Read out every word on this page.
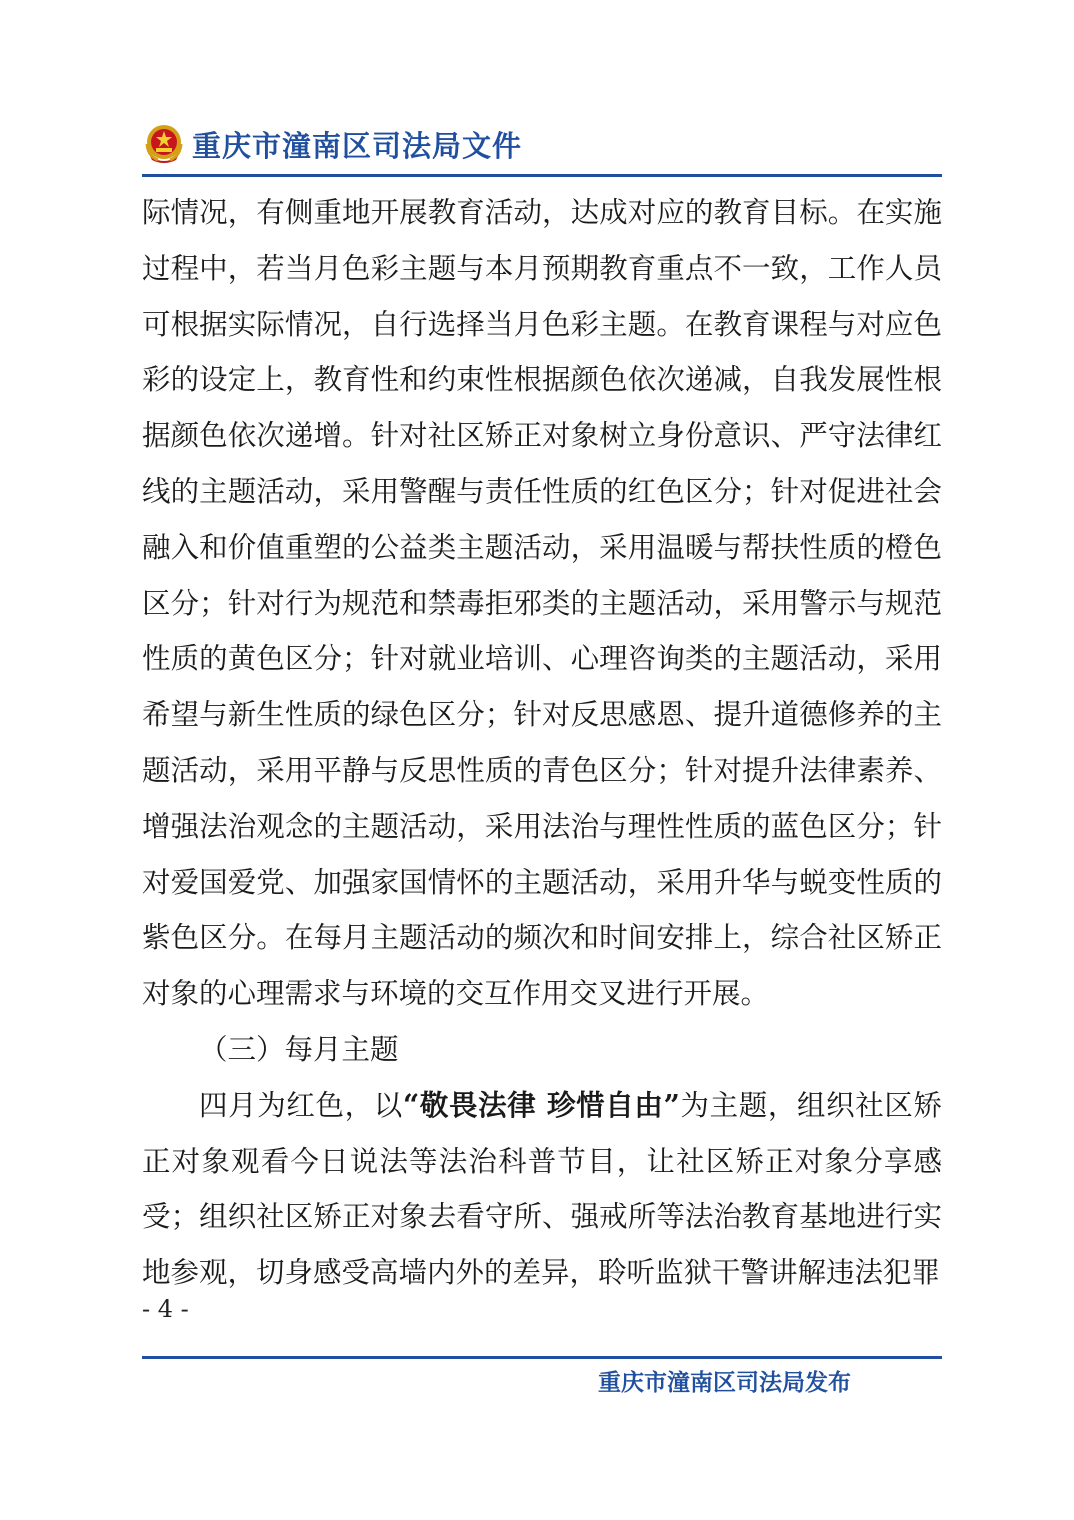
重庆市潼南区司法局文件

际情况，有侧重地开展教育活动，达成对应的教育目标。在实施过程中，若当月色彩主题与本月预期教育重点不一致，工作人员可根据实际情况，自行选择当月色彩主题。在教育课程与对应色彩的设定上，教育性和约束性根据颜色依次递减，自我发展性根据颜色依次递增。针对社区矫正对象树立身份意识、严守法律红线的主题活动，采用警醒与责任性质的红色区分；针对促进社会融入和价值重塑的公益类主题活动，采用温暖与帮扶性质的橙色区分；针对行为规范和禁毒拒邪类的主题活动，采用警示与规范性质的黄色区分；针对就业培训、心理咨询类的主题活动，采用希望与新生性质的绿色区分；针对反思感恩、提升道德修养的主题活动，采用平静与反思性质的青色区分；针对提升法律素养、增强法治观念的主题活动，采用法治与理性性质的蓝色区分；针对爱国爱党、加强家国情怀的主题活动，采用升华与蜕变性质的紫色区分。在每月主题活动的频次和时间安排上，综合社区矫正对象的心理需求与环境的交互作用交叉进行开展。

（三）每月主题

四月为红色，以“敬畏法律 珍惜自由”为主题，组织社区矫正对象观看今日说法等法治科普节目，让社区矫正对象分享感受；组织社区矫正对象去看守所、强戒所等法治教育基地进行实地参观，切身感受高墙内外的差异，聆听监狱干警讲解违法犯罪

- 4 -
重庆市潼南区司法局发布
